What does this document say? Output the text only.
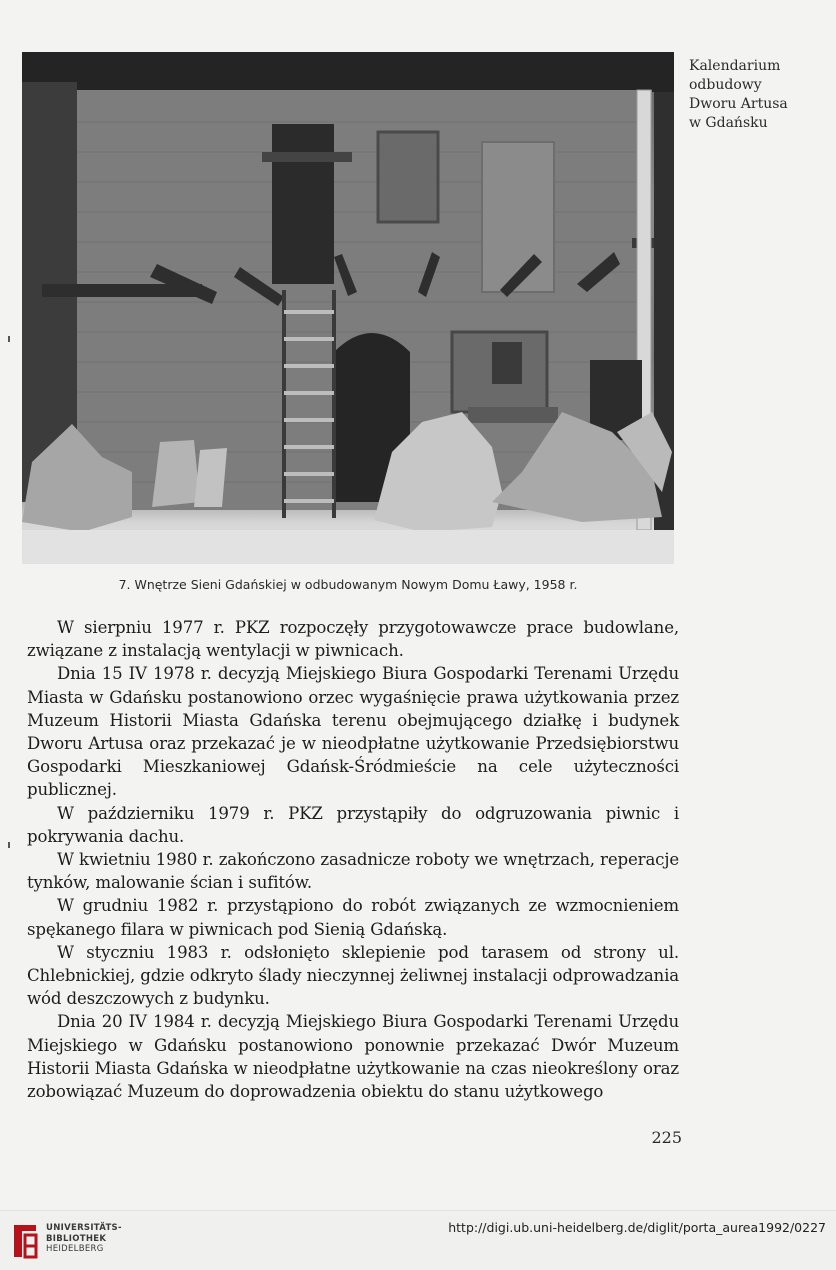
Kalendarium
odbudowy
Dworu Artusa
w Gdańsku
7. Wnętrze Sieni Gdańskiej w odbudowanym Nowym Domu Ławy, 1958 r.

W sierpniu 1977 r. PKZ rozpoczęły przygotowawcze prace budowlane, związane z instalacją wentylacji w piwnicach.

Dnia 15 IV 1978 r. decyzją Miejskiego Biura Gospodarki Terenami Urzędu Miasta w Gdańsku postanowiono orzec wygaśnięcie prawa użytkowania przez Muzeum Historii Miasta Gdańska terenu obejmującego działkę i budynek Dworu Artusa oraz przekazać je w nieodpłatne użytkowanie Przedsiębiorstwu Gospodarki Mieszkaniowej Gdańsk-Śródmieście na cele użyteczności publicznej.

W październiku 1979 r. PKZ przystąpiły do odgruzowania piwnic i pokrywania dachu.

W kwietniu 1980 r. zakończono zasadnicze roboty we wnętrzach, reperacje tynków, malowanie ścian i sufitów.

W grudniu 1982 r. przystąpiono do robót związanych ze wzmocnieniem spękanego filara w piwnicach pod Sienią Gdańską.

W styczniu 1983 r. odsłonięto sklepienie pod tarasem od strony ul. Chlebnickiej, gdzie odkryto ślady nieczynnej żeliwnej instalacji odprowadzania wód deszczowych z budynku.

Dnia 20 IV 1984 r. decyzją Miejskiego Biura Gospodarki Terenami Urzędu Miejskiego w Gdańsku postanowiono ponownie przekazać Dwór Muzeum Historii Miasta Gdańska w nieodpłatne użytkowanie na czas nieokreślony oraz zobowiązać Muzeum do doprowadzenia obiektu do stanu użytkowego

225
UNIVERSITÄTS-
BIBLIOTHEK
HEIDELBERG
http://digi.ub.uni-heidelberg.de/diglit/porta_aurea1992/0227
